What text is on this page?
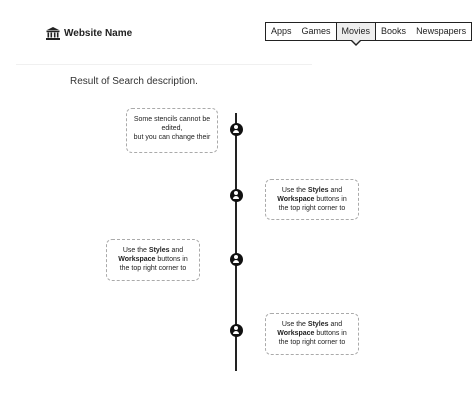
Website Name	Apps	Games	Movies	Books	Newspapers
Result of Search description.
Some stencils cannot be
edited,
but you can change their
Use the Styles and
Workspace buttons in
the top right corner to
Use the Styles and
Workspace buttons in
the top right corner to
Use the Styles and
Workspace buttons in
the top right corner to
